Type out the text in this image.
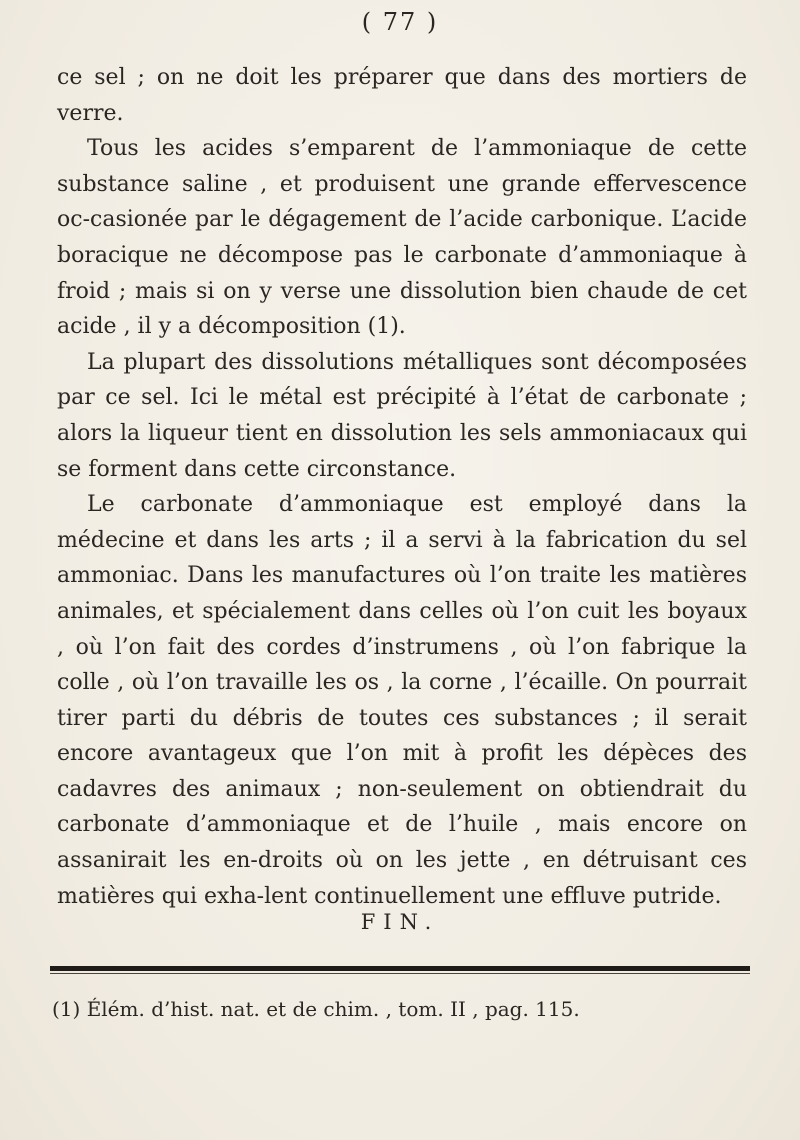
( 77 )

ce sel ; on ne doit les préparer que dans des mortiers de verre.

Tous les acides s’emparent de l’ammoniaque de cette substance saline , et produisent une grande effervescence oc-casionée par le dégagement de l’acide carbonique. L’acide boracique ne décompose pas le carbonate d’ammoniaque à froid ; mais si on y verse une dissolution bien chaude de cet acide , il y a décomposition (1).

La plupart des dissolutions métalliques sont décomposées par ce sel. Ici le métal est précipité à l’état de carbonate ; alors la liqueur tient en dissolution les sels ammoniacaux qui se forment dans cette circonstance.

Le carbonate d’ammoniaque est employé dans la médecine et dans les arts ; il a servi à la fabrication du sel ammoniac. Dans les manufactures où l’on traite les matières animales, et spécialement dans celles où l’on cuit les boyaux , où l’on fait des cordes d’instrumens , où l’on fabrique la colle , où l’on travaille les os , la corne , l’écaille. On pourrait tirer parti du débris de toutes ces substances ; il serait encore avantageux que l’on mit à profit les dépèces des cadavres des animaux ; non-seulement on obtiendrait du carbonate d’ammoniaque et de l’huile , mais encore on assanirait les en-droits où on les jette , en détruisant ces matières qui exha-lent continuellement une effluve putride.

FIN.
(1) Élém. d’hist. nat. et de chim. , tom. II , pag. 115.
